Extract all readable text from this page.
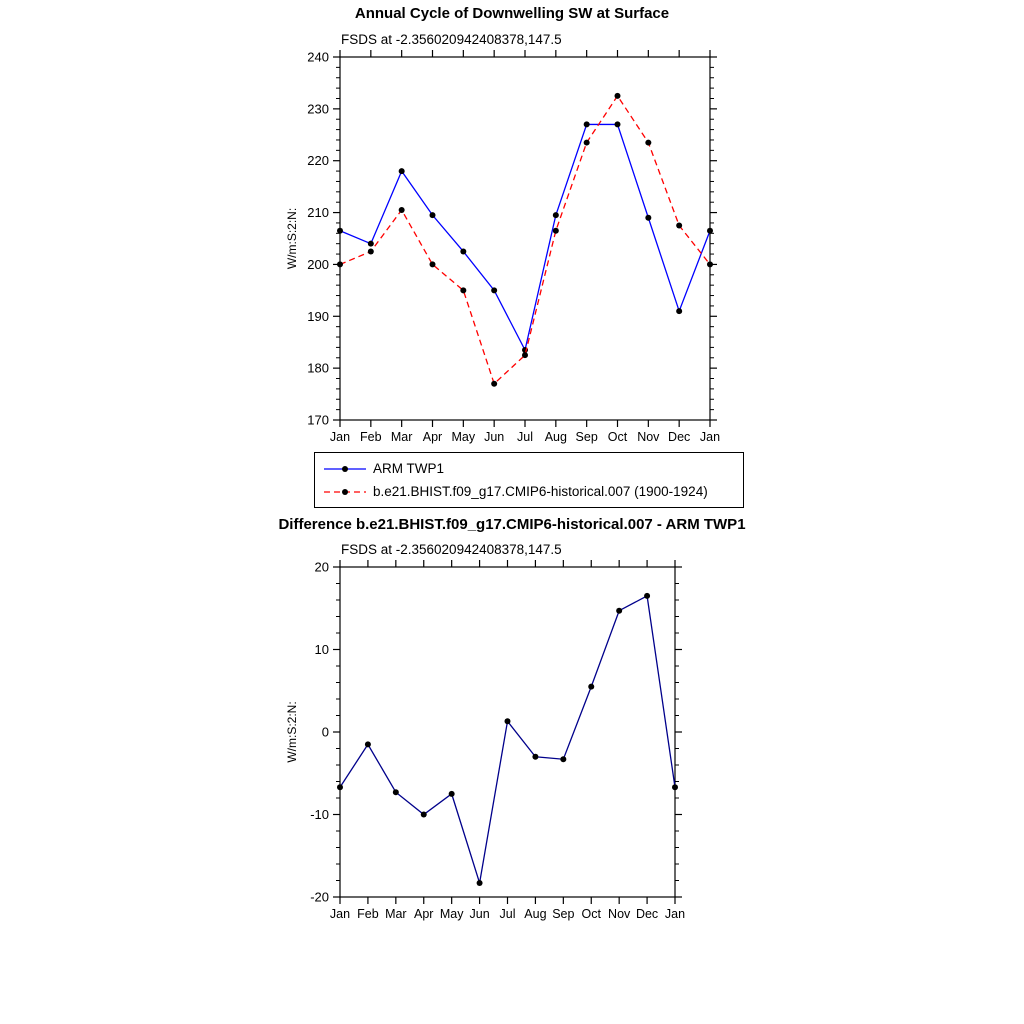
Annual Cycle of Downwelling SW at Surface
FSDS at -2.356020942408378,147.5
170
180
190
200
210
220
230
240
Jan Feb Mar Apr May Jun Jul Aug Sep Oct Nov Dec Jan
W/m:S:2:N:
ARM TWP1
b.e21.BHIST.f09_g17.CMIP6-historical.007 (1900-1924)
Difference b.e21.BHIST.f09_g17.CMIP6-historical.007 - ARM TWP1
FSDS at -2.356020942408378,147.5
-20
-10
0
10
20
Jan Feb Mar Apr May Jun Jul Aug Sep Oct Nov Dec Jan
W/m:S:2:N:
